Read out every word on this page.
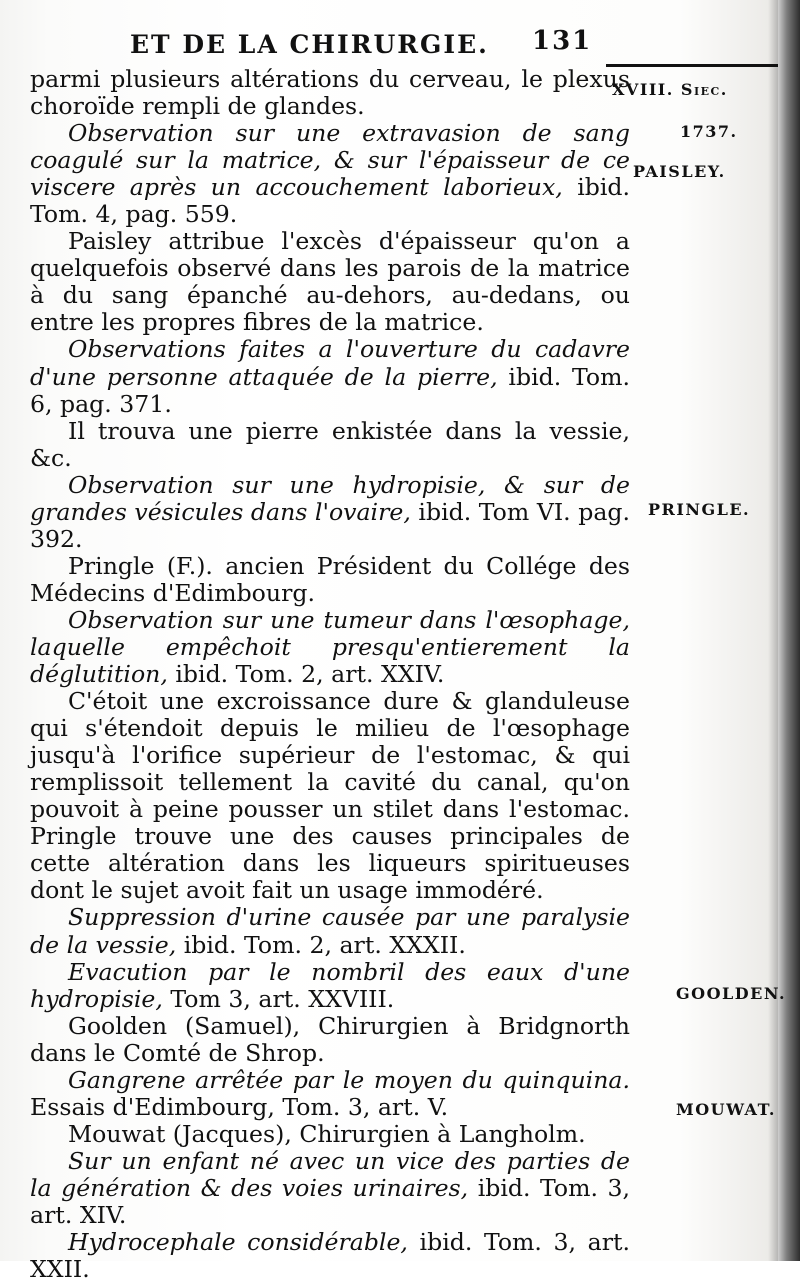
ET DE LA CHIRURGIE. 131
XVIII. Siec.
1737.
PAISLEY.
PRINGLE.
GOOLDEN.
MOUWAT.

parmi plusieurs altérations du cerveau, le plexus choroïde rempli de glandes.

Observation sur une extravasion de sang coagulé sur la matrice, & sur l'épaisseur de ce viscere après un accouchement laborieux, ibid. Tom. 4, pag. 559.

Paisley attribue l'excès d'épaisseur qu'on a quelquefois observé dans les parois de la matrice à du sang épanché au-dehors, au-dedans, ou entre les propres fibres de la matrice.

Observations faites a l'ouverture du cadavre d'une personne attaquée de la pierre, ibid. Tom. 6, pag. 371.

Il trouva une pierre enkistée dans la vessie, &c.

Observation sur une hydropisie, & sur de grandes vésicules dans l'ovaire, ibid. Tom VI. pag. 392.

Pringle (F.). ancien Président du Collége des Médecins d'Edimbourg.

Observation sur une tumeur dans l'œsophage, laquelle empêchoit presqu'entierement la déglutition, ibid. Tom. 2, art. XXIV.

C'étoit une excroissance dure & glanduleuse qui s'étendoit depuis le milieu de l'œsophage jusqu'à l'orifice supérieur de l'estomac, & qui remplissoit tellement la cavité du canal, qu'on pouvoit à peine pousser un stilet dans l'estomac. Pringle trouve une des causes principales de cette altération dans les liqueurs spiritueuses dont le sujet avoit fait un usage immodéré.

Suppression d'urine causée par une paralysie de la vessie, ibid. Tom. 2, art. XXXII.

Evacution par le nombril des eaux d'une hydropisie, Tom 3, art. XXVIII.

Goolden (Samuel), Chirurgien à Bridgnorth dans le Comté de Shrop.

Gangrene arrêtée par le moyen du quinquina. Essais d'Edimbourg, Tom. 3, art. V.

Mouwat (Jacques), Chirurgien à Langholm.

Sur un enfant né avec un vice des parties de la génération & des voies urinaires, ibid. Tom. 3, art. XIV.

Hydrocephale considérable, ibid. Tom. 3, art. XXII.
